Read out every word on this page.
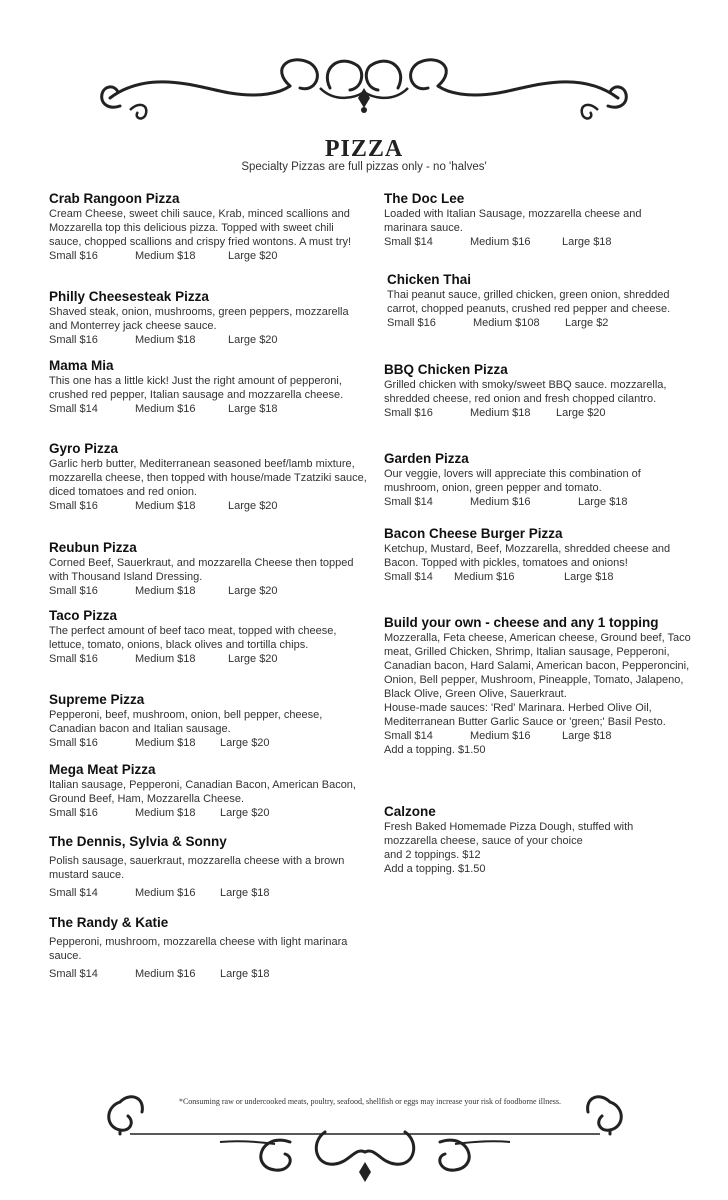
PIZZA
Specialty Pizzas are full pizzas only - no 'halves'
Crab Rangoon Pizza
Cream Cheese, sweet chili sauce, Krab, minced scallions and Mozzarella top this delicious pizza. Topped with sweet chili sauce, chopped scallions and crispy fried wontons. A must try!
Small $16	Medium $18	Large $20
Philly Cheesesteak Pizza
Shaved steak, onion, mushrooms, green peppers, mozzarella and Monterrey jack cheese sauce.
Small $16	Medium $18	Large $20
Mama Mia
This one has a little kick! Just the right amount of pepperoni, crushed red pepper, Italian sausage and mozzarella cheese.
Small $14	Medium $16	Large $18
Gyro Pizza
Garlic herb butter, Mediterranean seasoned beef/lamb mixture, mozzarella cheese, then topped with house/made Tzatziki sauce, diced tomatoes and red onion.
Small $16	Medium $18	Large $20
Reubun Pizza
Corned Beef, Sauerkraut, and mozzarella Cheese then topped with Thousand Island Dressing.
Small $16	Medium $18	Large $20
Taco Pizza
The perfect amount of beef taco meat, topped with cheese, lettuce, tomato, onions, black olives and tortilla chips.
Small $16	Medium $18	Large $20
Supreme Pizza
Pepperoni, beef, mushroom, onion, bell pepper, cheese, Canadian bacon and Italian sausage.
Small $16	Medium $18 Large $20
Mega Meat Pizza
Italian sausage, Pepperoni, Canadian Bacon, American Bacon, Ground Beef, Ham, Mozzarella Cheese.
Small $16	Medium $18 Large $20
The Dennis, Sylvia & Sonny
Polish sausage, sauerkraut, mozzarella cheese with a brown mustard sauce.
Small $14	Medium $16 Large $18
The Randy & Katie
Pepperoni, mushroom, mozzarella cheese with light marinara sauce.
Small $14	Medium $16 Large $18
The Doc Lee
Loaded with Italian Sausage, mozzarella cheese and marinara sauce.
Small $14	Medium $16	Large $18
Chicken Thai
Thai peanut sauce, grilled chicken, green onion, shredded carrot, chopped peanuts, crushed red pepper and cheese.
Small $16	Medium $108 Large $2
BBQ Chicken Pizza
Grilled chicken with smoky/sweet BBQ sauce. mozzarella, shredded cheese, red onion and fresh chopped cilantro.
Small $16	Medium $18 Large $20
Garden Pizza
Our veggie, lovers will appreciate this combination of mushroom, onion, green pepper and tomato.
Small $14	Medium $16	Large $18
Bacon Cheese Burger Pizza
Ketchup, Mustard, Beef, Mozzarella, shredded cheese and Bacon. Topped with pickles, tomatoes and onions!
Small $14 Medium $16	Large $18
Build your own - cheese and any 1 topping
Mozzeralla, Feta cheese, American cheese, Ground beef, Taco meat, Grilled Chicken, Shrimp, Italian sausage, Pepperoni, Canadian bacon, Hard Salami, American bacon, Pepperoncini, Onion, Bell pepper, Mushroom, Pineapple, Tomato, Jalapeno, Black Olive, Green Olive, Sauerkraut.
House-made sauces: 'Red' Marinara. Herbed Olive Oil, Mediterranean Butter Garlic Sauce or 'green;' Basil Pesto.
Small $14	Medium $16	Large $18
Add a topping. $1.50
Calzone
Fresh Baked Homemade Pizza Dough, stuffed with mozzarella cheese, sauce of your choice
and 2 toppings. $12
Add a topping. $1.50
*Consuming raw or undercooked meats, poultry, seafood, shellfish or eggs may increase your risk of foodborne illness.
